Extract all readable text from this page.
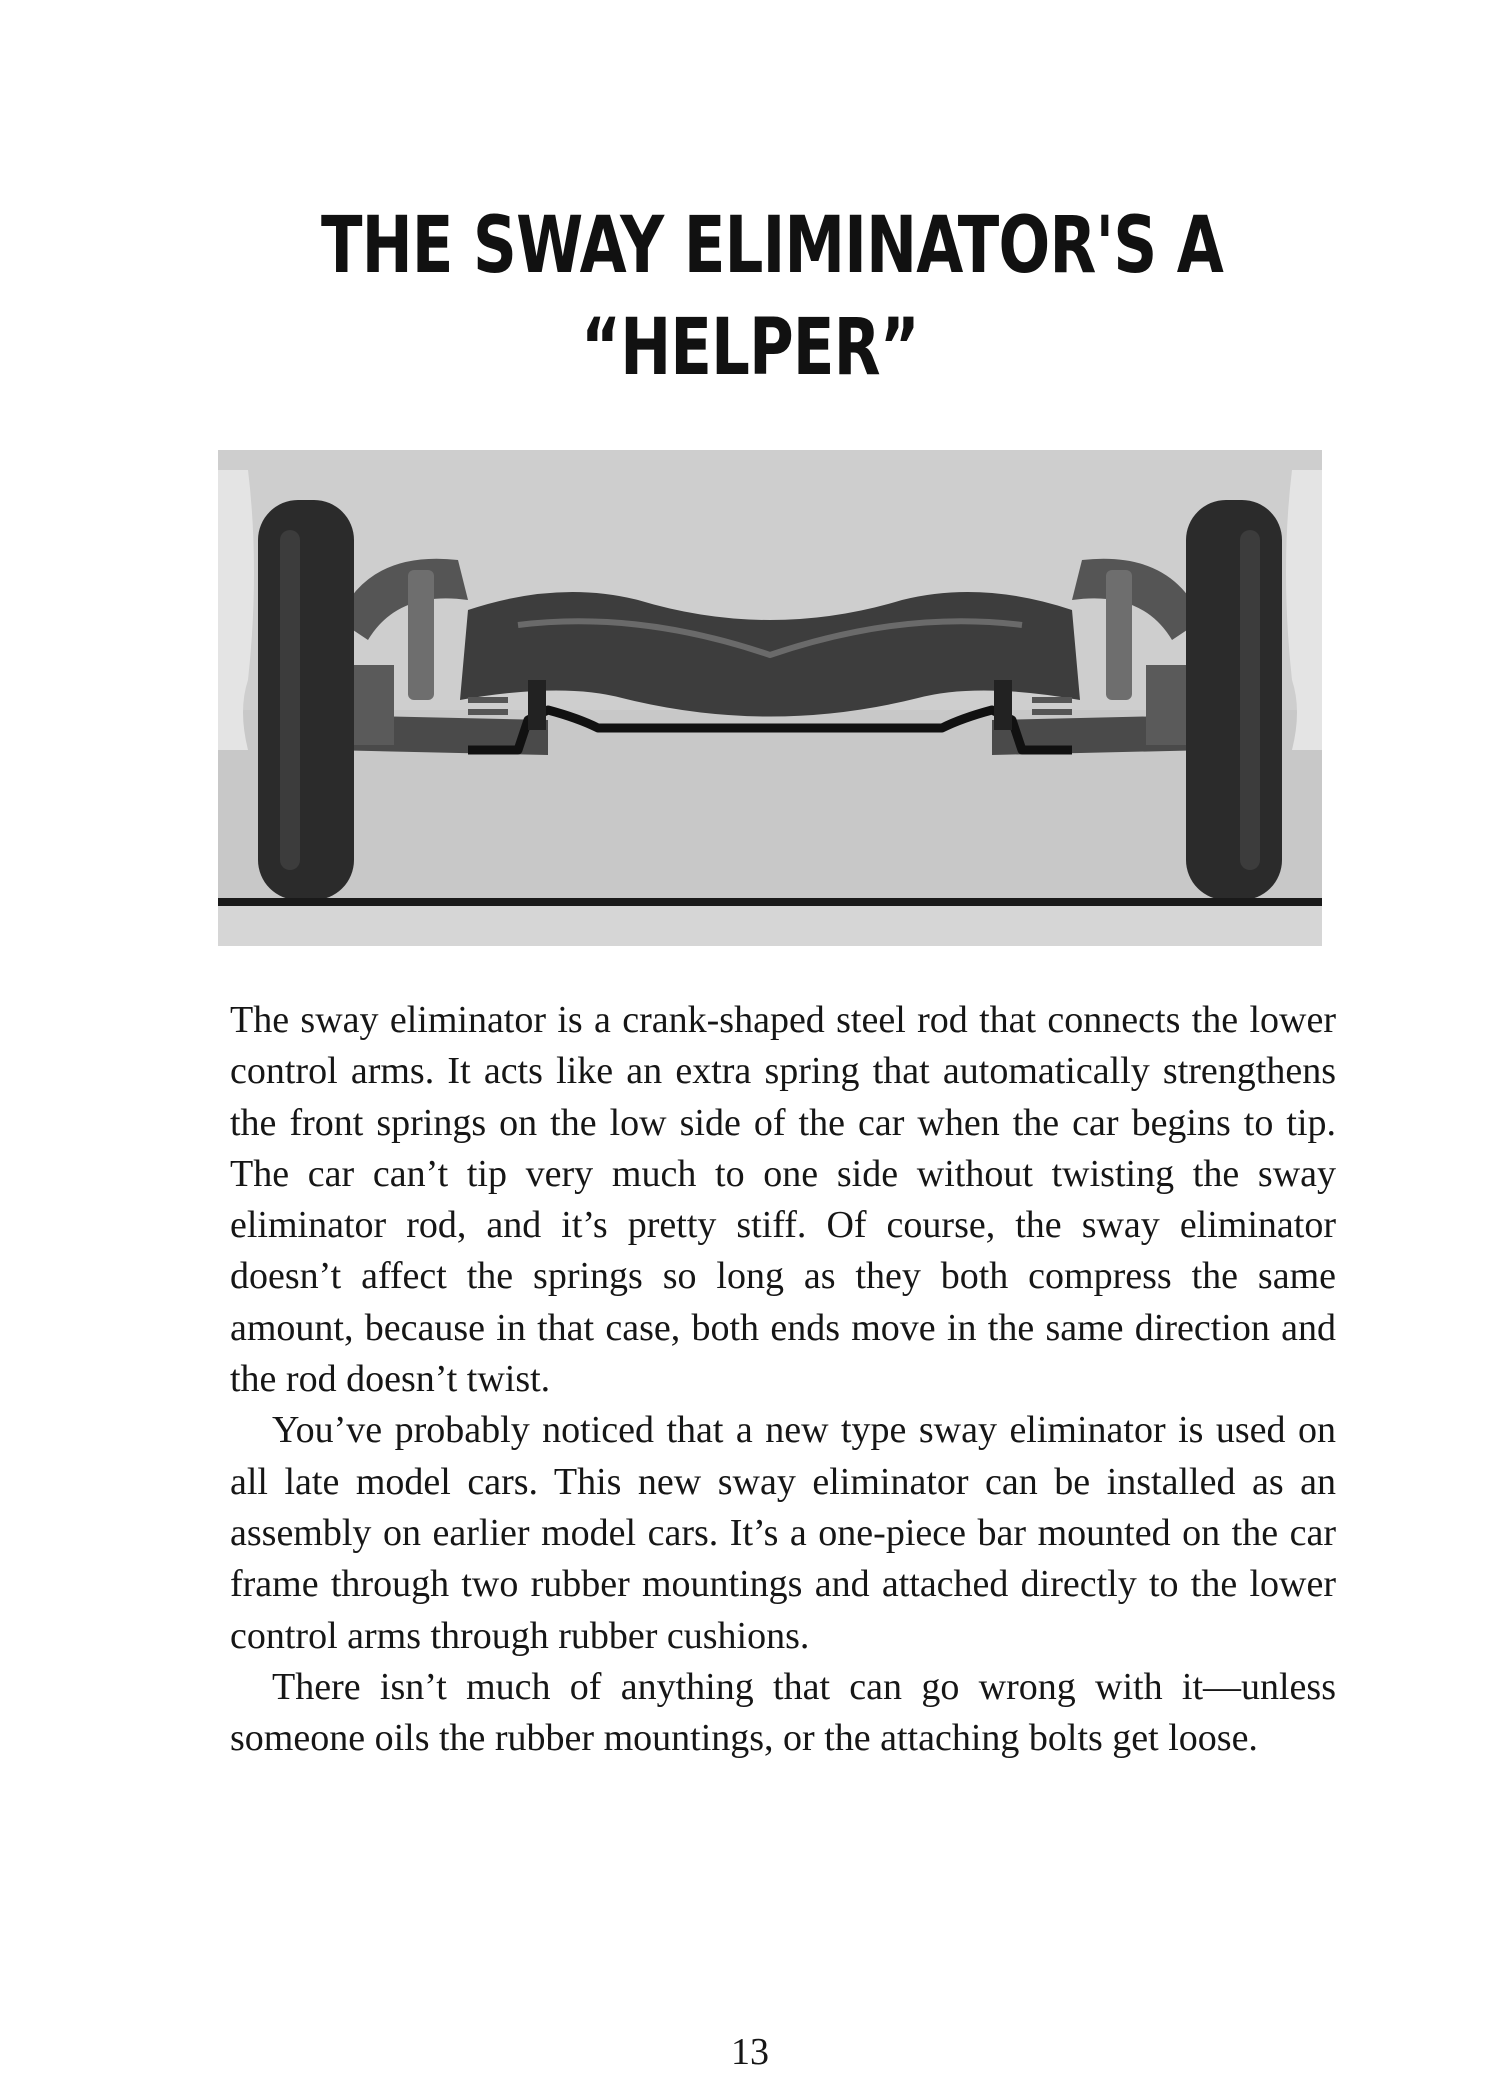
THE SWAY ELIMINATOR'S A
“HELPER”

The sway eliminator is a crank-shaped steel rod that connects the lower control arms. It acts like an extra spring that automatically strengthens the front springs on the low side of the car when the car begins to tip. The car can’t tip very much to one side without twisting the sway eliminator rod, and it’s pretty stiff. Of course, the sway eliminator doesn’t affect the springs so long as they both compress the same amount, because in that case, both ends move in the same direction and the rod doesn’t twist.

You’ve probably noticed that a new type sway eliminator is used on all late model cars. This new sway eliminator can be installed as an assembly on earlier model cars. It’s a one-piece bar mounted on the car frame through two rubber mountings and attached directly to the lower control arms through rubber cushions.

There isn’t much of anything that can go wrong with it—unless someone oils the rubber mountings, or the attaching bolts get loose.

13
